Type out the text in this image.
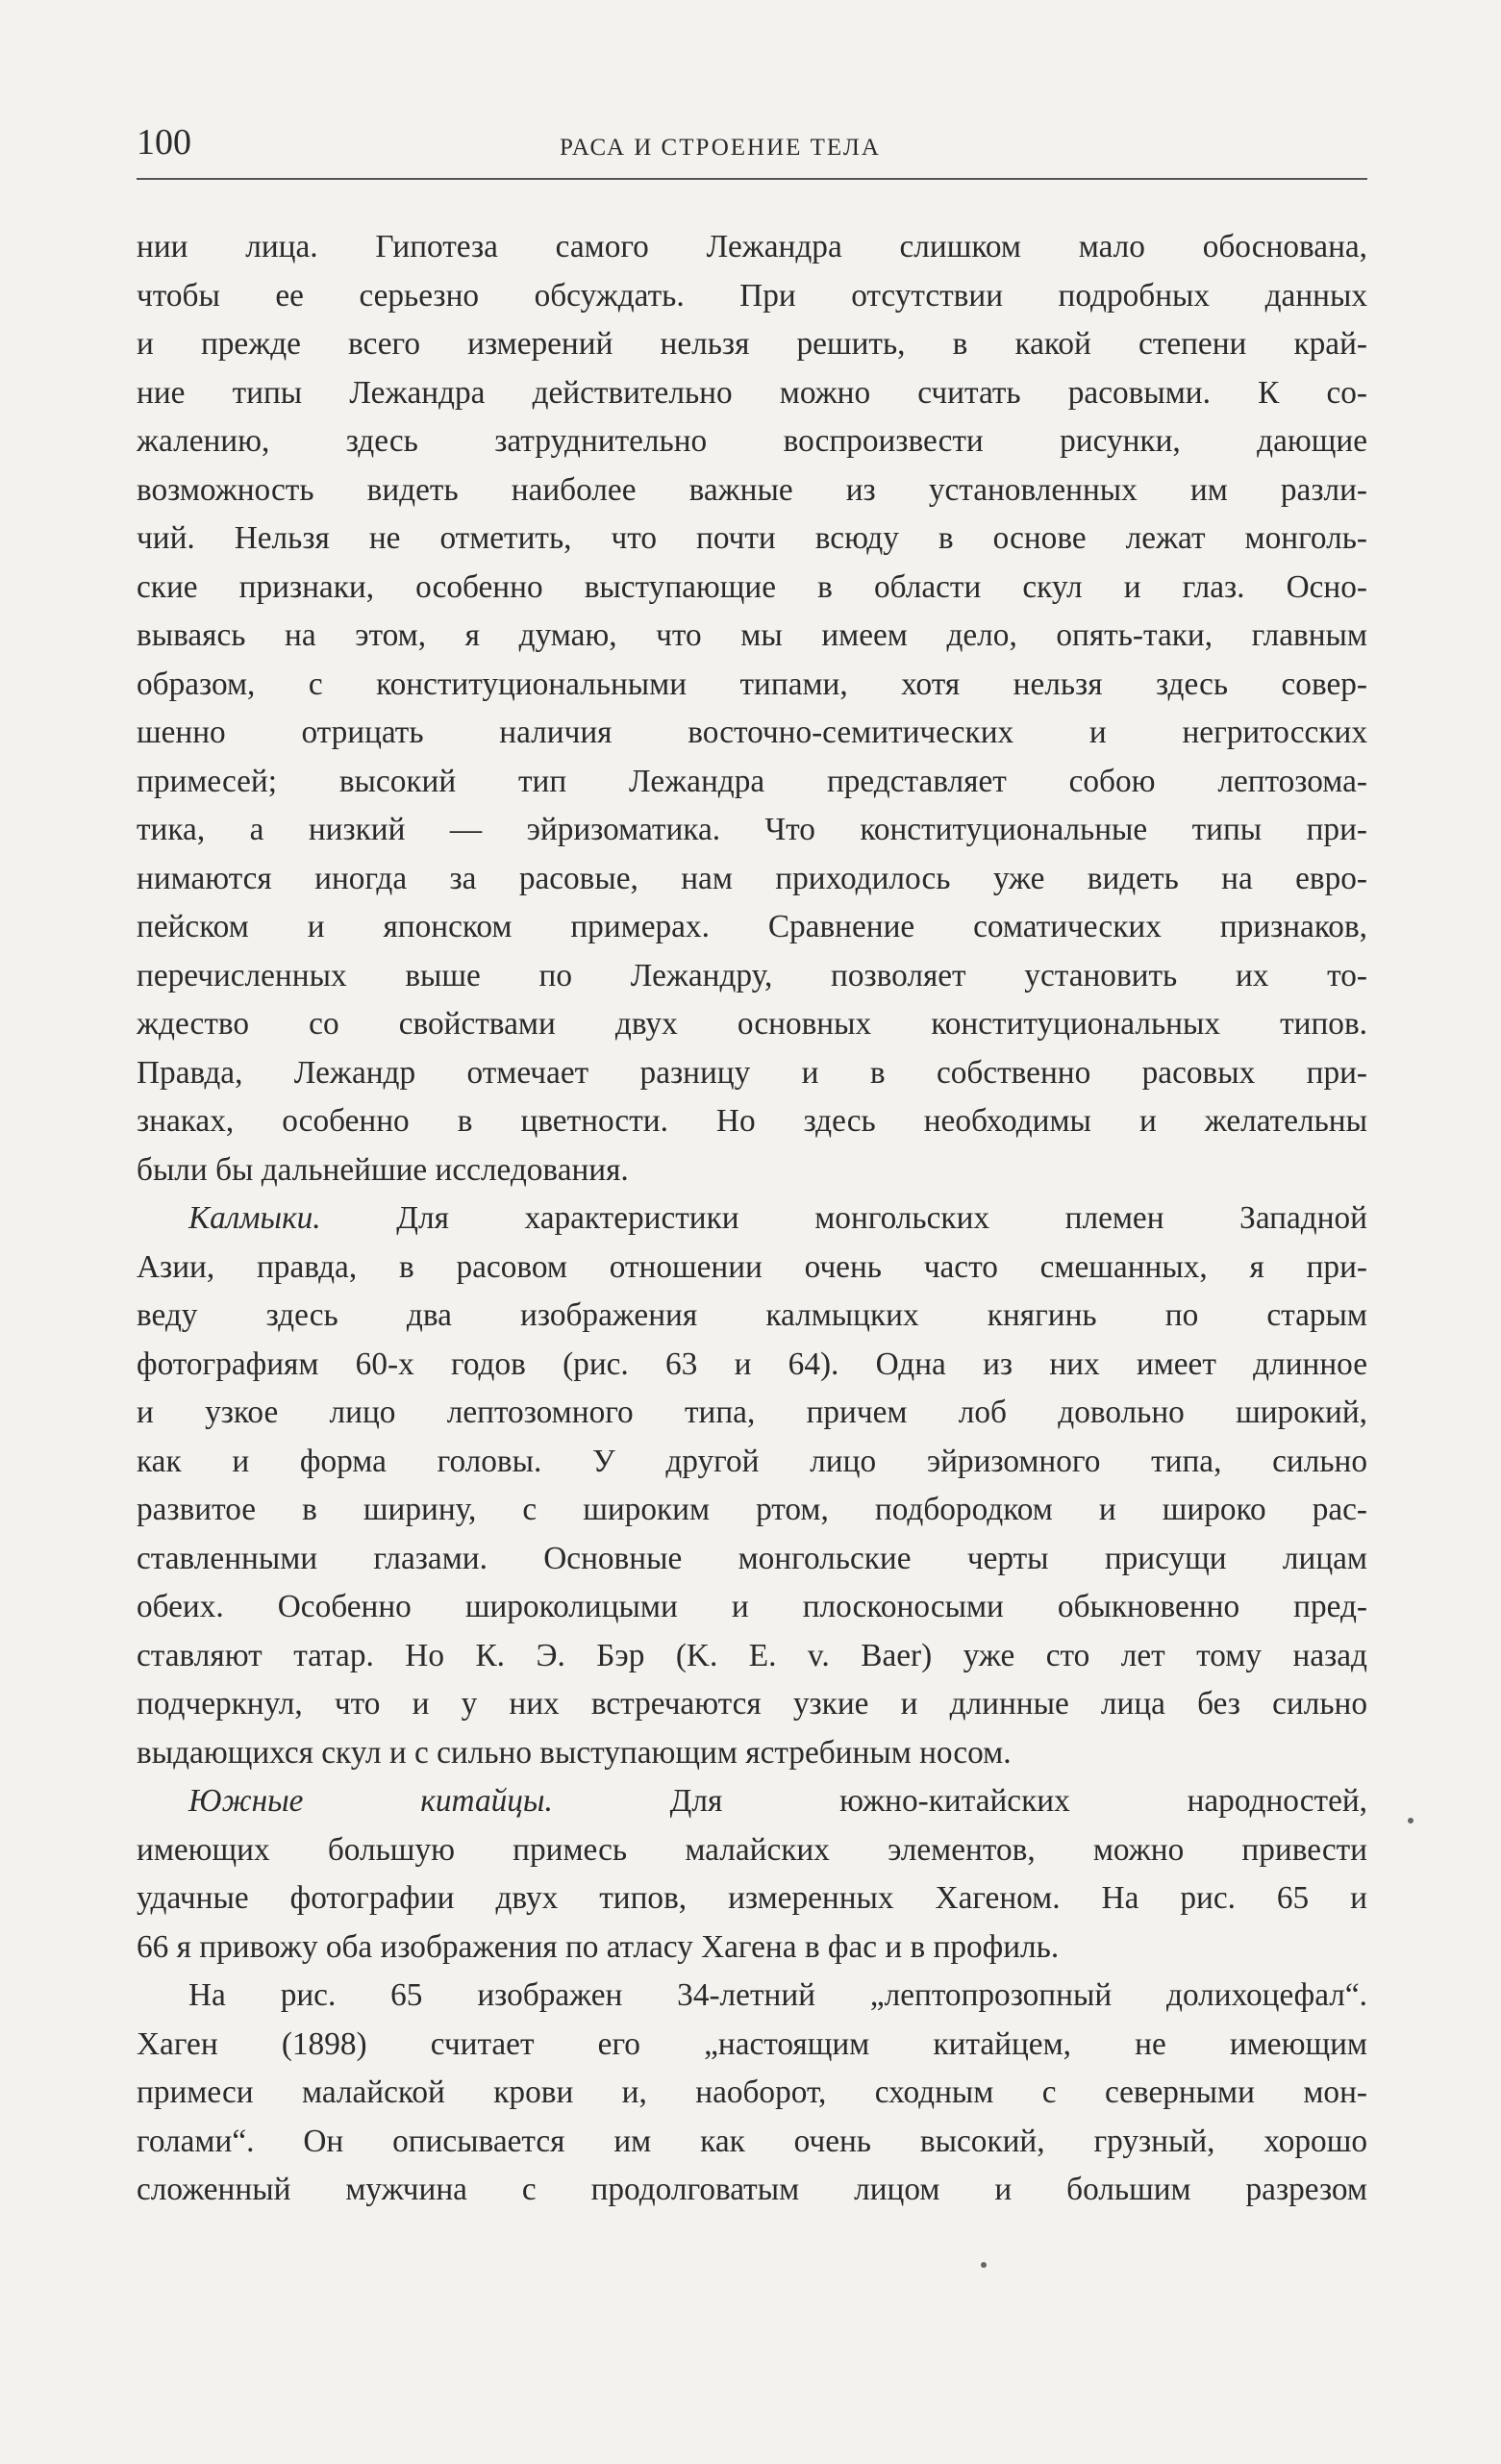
100	РАСА И СТРОЕНИЕ ТЕЛА
нии лица. Гипотеза самого Лежандра слишком мало обоснована,
чтобы ее серьезно обсуждать. При отсутствии подробных данных
и прежде всего измерений нельзя решить, в какой степени край-
ние типы Лежандра действительно можно считать расовыми. К со-
жалению, здесь затруднительно воспроизвести рисунки, дающие
возможность видеть наиболее важные из установленных им разли-
чий. Нельзя не отметить, что почти всюду в основе лежат монголь-
ские признаки, особенно выступающие в области скул и глаз. Осно-
вываясь на этом, я думаю, что мы имеем дело, опять-таки, главным
образом, с конституциональными типами, хотя нельзя здесь совер-
шенно отрицать наличия восточно-семитических и негритосских
примесей; высокий тип Лежандра представляет собою лептозома-
тика, а низкий — эйризоматика. Что конституциональные типы при-
нимаются иногда за расовые, нам приходилось уже видеть на евро-
пейском и японском примерах. Сравнение соматических признаков,
перечисленных выше по Лежандру, позволяет установить их то-
ждество со свойствами двух основных конституциональных типов.
Правда, Лежандр отмечает разницу и в собственно расовых при-
знаках, особенно в цветности. Но здесь необходимы и желательны
были бы дальнейшие исследования.
Калмыки. Для характеристики монгольских племен Западной
Азии, правда, в расовом отношении очень часто смешанных, я при-
веду здесь два изображения калмыцких княгинь по старым
фотографиям 60-х годов (рис. 63 и 64). Одна из них имеет длинное
и узкое лицо лептозомного типа, причем лоб довольно широкий,
как и форма головы. У другой лицо эйризомного типа, сильно
развитое в ширину, с широким ртом, подбородком и широко рас-
ставленными глазами. Основные монгольские черты присущи лицам
обеих. Особенно широколицыми и плосконосыми обыкновенно пред-
ставляют татар. Но К. Э. Бэр (K. E. v. Baer) уже сто лет тому назад
подчеркнул, что и у них встречаются узкие и длинные лица без сильно
выдающихся скул и с сильно выступающим ястребиным носом.
Южные китайцы. Для южно-китайских народностей,
имеющих большую примесь малайских элементов, можно привести
удачные фотографии двух типов, измеренных Хагеном. На рис. 65 и
66 я привожу оба изображения по атласу Хагена в фас и в профиль.
На рис. 65 изображен 34-летний „лептопрозопный долихоцефал“.
Хаген (1898) считает его „настоящим китайцем, не имеющим
примеси малайской крови и, наоборот, сходным с северными мон-
голами“. Он описывается им как очень высокий, грузный, хорошо
сложенный мужчина с продолговатым лицом и большим разрезом
